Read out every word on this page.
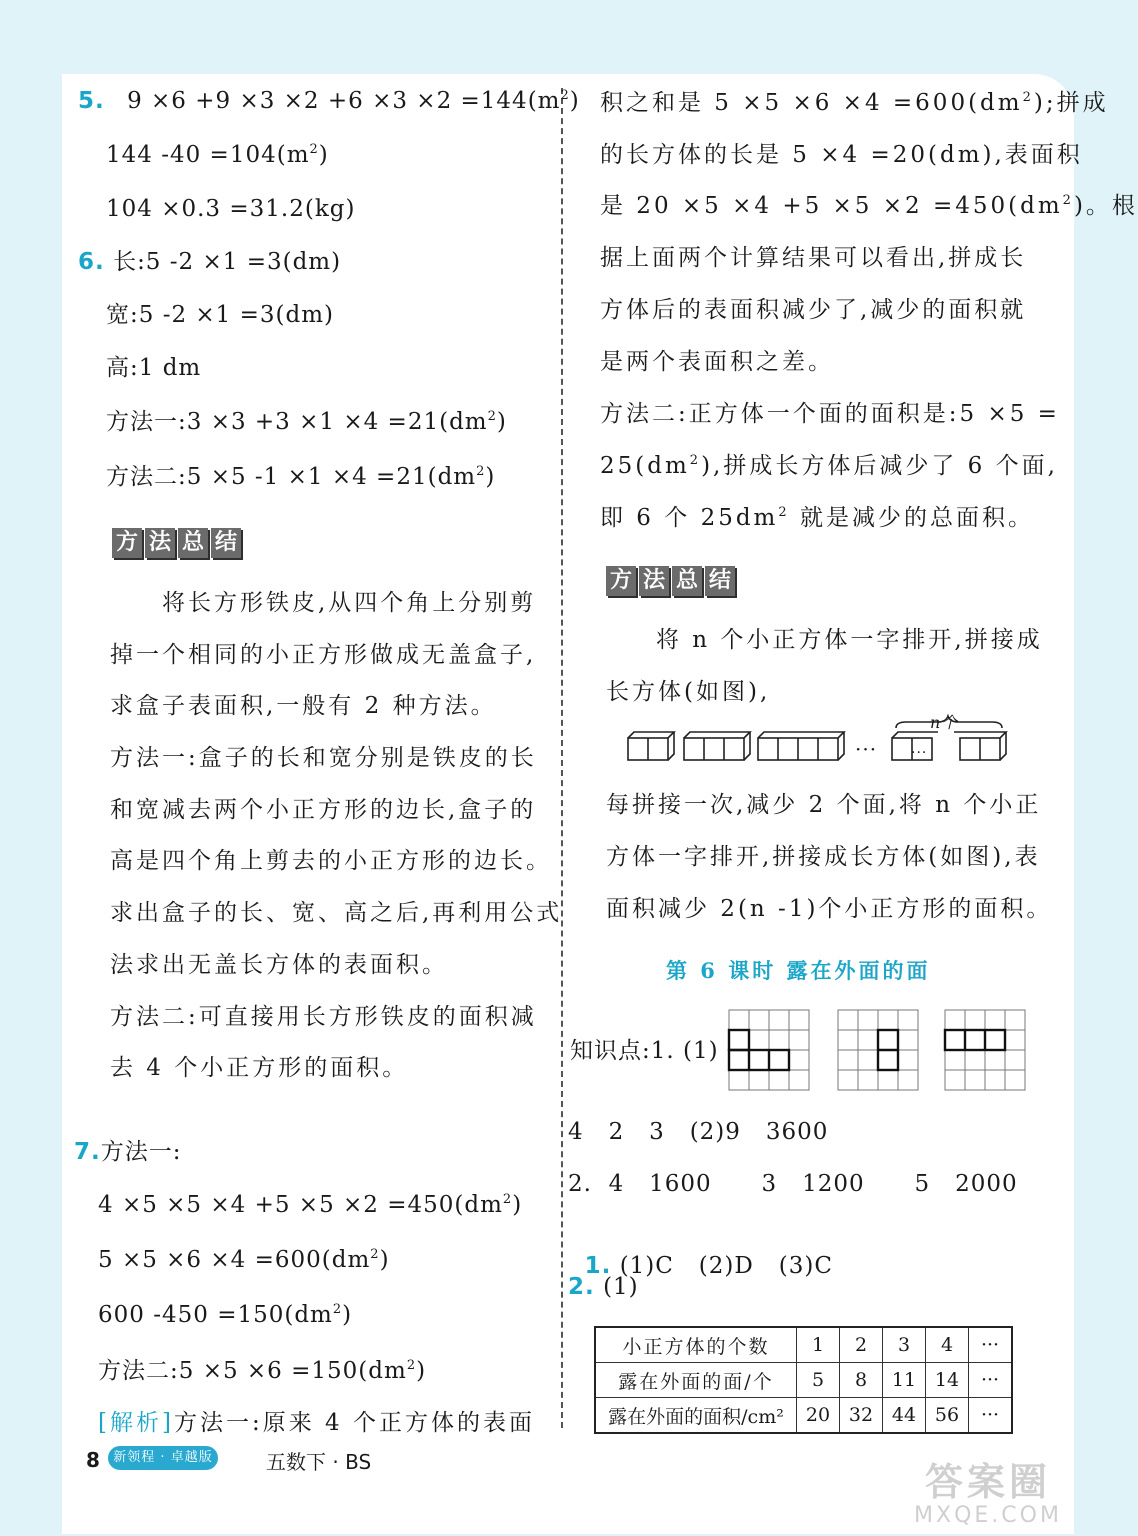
5. $9 \times 6 +9 \times 3 \times 2 +6 \times 3 \times 2 =144(m^2)$
144 $-40 =104(m^2)$
104 ×0.3 =31.2(kg)
6. 长:5 -2 ×1 =3(dm)
宽:5 -2 ×1 =3(dm)
高:1 dm
方法一:3 $\times 3 +3 \times 1 \times 4 =21(dm^2)$
方法二:5 ×5 $-1 \times 1 \times 4 =21(dm^2)$
方 法 总 结
将长方形铁皮,从四个角上分别剪
掉一个相同的小正方形做成无盖盒子,
求盒子表面积,一般有 2 种方法。
方法一:盒子的长和宽分别是铁皮的长
和宽减去两个小正方形的边长,盒子的
高是四个角上剪去的小正方形的边长。
求出盒子的长、宽、高之后,再利用公式
法求出无盖长方体的表面积。
方法二:可直接用长方形铁皮的面积减
去 4 个小正方形的面积。
7.方法一:
$4 \times 5 \times 5 \times 4 +5 \times 5 \times 2 =450(dm^2)$
$5 \times 5 \times 6 \times 4 =600(dm^2)$
600 $-450 =150(dm^2)$
方法二:5 $\times 5 \times 6 =150(dm^2)$
[解析]方法一:原来 4 个正方体的表面
积之和是 $5 \times 5 \times 6 \times 4 =600(dm^2)$;拼成
的长方体的长是 5 ×4 =20(dm),表面积
是 $20 \times 5 \times 4 +5 \times 5 \times 2 =450(dm^2)$。根
据上面两个计算结果可以看出,拼成长
方体后的表面积减少了,减少的面积就
是两个表面积之差。
方法二:正方体一个面的面积是:5 ×5 =
$25(dm^2)$,拼成长方体后减少了 6 个面,
即 6 个 $25dm^2$ 就是减少的总面积。
方 法 总 结
将 n 个小正方体一字排开,拼接成
长方体(如图),
···
n个
···
每拼接一次,减少 2 个面,将 n 个小正
方体一字排开,拼接成长方体(如图),表
面积减少 2(n -1)个小正方形的面积。
第 6 课时 露在外面的面
知识点:1. (1)
4   2   3   (2)9   3600
2.  4   1600      3   1200      5   2000

1. (1)C   (2)D   (3)C

2. (1)
小正方体的个数	1	2	3	4	···
露在外面的面/个	5	8	11	14	···
露在外面的面积/cm²	20	32	44	56	···
8	新领程 · 卓越版	五数下 · BS	答案圈
MXQE.COM
